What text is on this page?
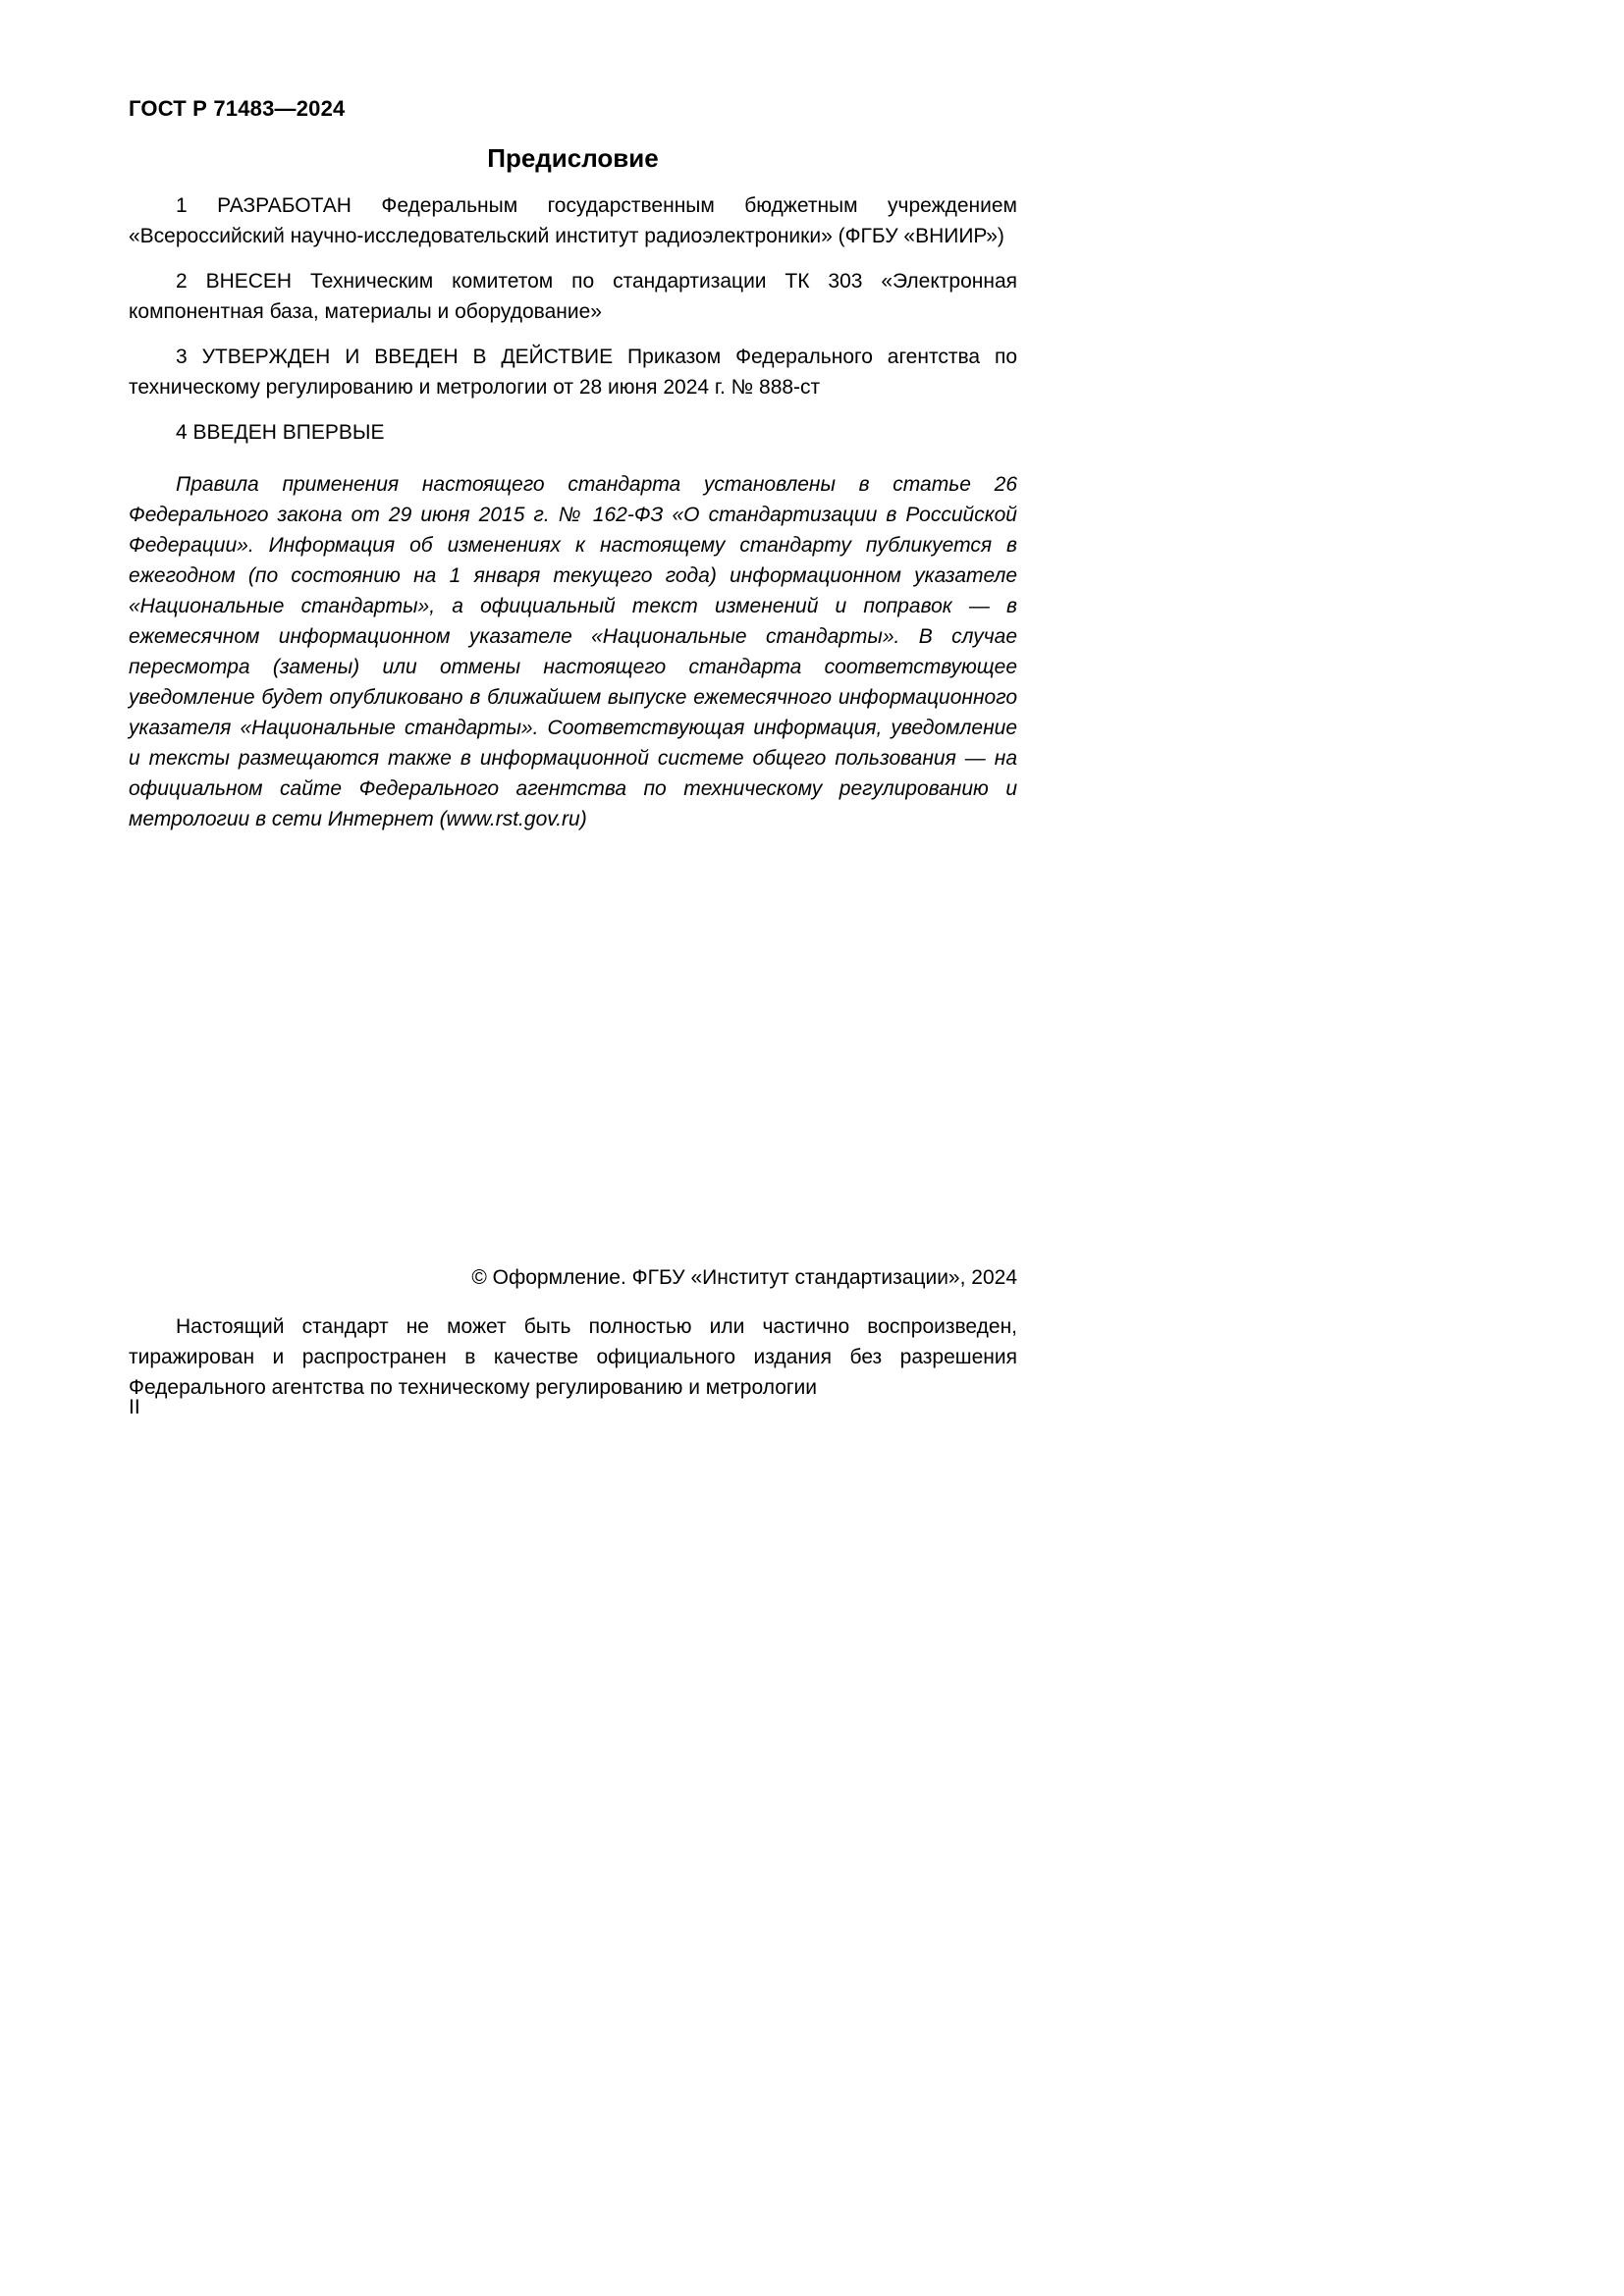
ГОСТ Р 71483—2024
Предисловие

1 РАЗРАБОТАН Федеральным государственным бюджетным учреждением «Всероссийский научно-исследовательский институт радиоэлектроники» (ФГБУ «ВНИИР»)

2 ВНЕСЕН Техническим комитетом по стандартизации ТК 303 «Электронная компонентная база, материалы и оборудование»

3 УТВЕРЖДЕН И ВВЕДЕН В ДЕЙСТВИЕ Приказом Федерального агентства по техническому регулированию и метрологии от 28 июня 2024 г. № 888-ст

4 ВВЕДЕН ВПЕРВЫЕ

Правила применения настоящего стандарта установлены в статье 26 Федерального закона от 29 июня 2015 г. № 162-ФЗ «О стандартизации в Российской Федерации». Информация об изменениях к настоящему стандарту публикуется в ежегодном (по состоянию на 1 января текущего года) информационном указателе «Национальные стандарты», а официальный текст изменений и поправок — в ежемесячном информационном указателе «Национальные стандарты». В случае пересмотра (замены) или отмены настоящего стандарта соответствующее уведомление будет опубликовано в ближайшем выпуске ежемесячного информационного указателя «Национальные стандарты». Соответствующая информация, уведомление и тексты размещаются также в информационной системе общего пользования — на официальном сайте Федерального агентства по техническому регулированию и метрологии в сети Интернет (www.rst.gov.ru)

© Оформление. ФГБУ «Институт стандартизации», 2024

Настоящий стандарт не может быть полностью или частично воспроизведен, тиражирован и распространен в качестве официального издания без разрешения Федерального агентства по техническому регулированию и метрологии

II
